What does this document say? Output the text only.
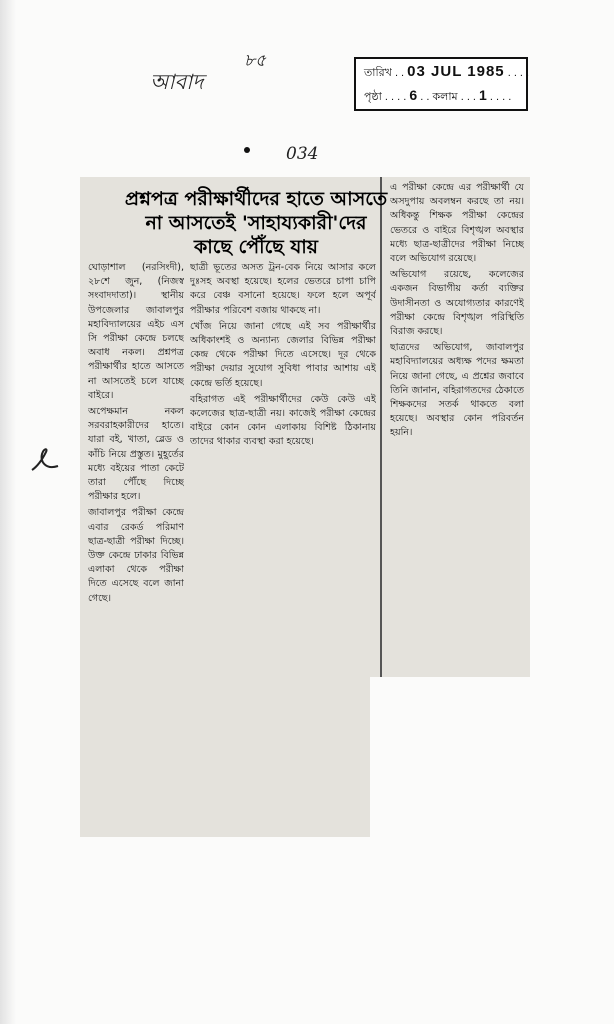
আবাদ
৮৫
তারিখ . . 03 JUL 1985 . . . .
পৃষ্ঠা . . . . 6 . . কলাম . . . 1 . . . .
034
প্রশ্নপত্র পরীক্ষার্থীদের হাতে আসতে
না আসতেই 'সাহায্যকারী'দের
কাছে পৌঁছে যায়

ঘোড়াশাল (নরসিংদী), ২৮শে জুন, (নিজস্ব সংবাদদাতা)। স্থানীয় উপজেলার জাবালপুর মহাবিদ্যালয়ের এইচ এস সি পরীক্ষা কেন্দ্রে চলছে অবাধ নকল। প্রশ্নপত্র পরীক্ষার্থীর হাতে আসতে না আসতেই চলে যাচ্ছে বাইরে।

অপেক্ষমান নকল সরবরাহকারীদের হাতে। যারা বই, খাতা, ব্লেড ও কাঁচি নিয়ে প্রস্তুত। মুহূর্তের মধ্যে বইয়ের পাতা কেটে তারা পৌঁছে দিচ্ছে পরীক্ষার হলে।

জাবালপুর পরীক্ষা কেন্দ্রে এবার রেকর্ড পরিমাণ ছাত্র-ছাত্রী পরীক্ষা দিচ্ছে। উক্ত কেন্দ্রে ঢাকার বিভিন্ন এলাকা থেকে পরীক্ষা দিতে এসেছে বলে জানা গেছে।

ছাত্রী ভূতের অসত ট্রন-বেক নিয়ে আসার কলে দুঃসহ অবস্থা হয়েছে। হলের ভেতরে চাপা চাপি করে বেঞ্চ বসানো হয়েছে। ফলে হলে অপূর্ব পরীক্ষার পরিবেশ বজায় থাকছে না।

খোঁজ নিয়ে জানা গেছে এই সব পরীক্ষার্থীর অধিকাংশই ও অন্যান্য জেলার বিভিন্ন পরীক্ষা কেন্দ্র থেকে পরীক্ষা দিতে এসেছে। দূর থেকে পরীক্ষা দেয়ার সুযোগ সুবিধা পাবার আশায় এই কেন্দ্রে ভর্তি হয়েছে।

বহিরাগত এই পরীক্ষার্থীদের কেউ কেউ এই কলেজের ছাত্র-ছাত্রী নয়। কাজেই পরীক্ষা কেন্দ্রের বাইরে কোন কোন এলাকায় বিশিষ্ট ঠিকানায় তাদের থাকার ব্যবস্থা করা হয়েছে।

এ পরীক্ষা কেন্দ্রে এর পরীক্ষার্থী যে অসদুপায় অবলম্বন করছে তা নয়। অধিকন্তু শিক্ষক পরীক্ষা কেন্দ্রের ভেতরে ও বাইরে বিশৃঙ্খল অবস্থার মধ্যে ছাত্র-ছাত্রীদের পরীক্ষা নিচ্ছে বলে অভিযোগ রয়েছে।

অভিযোগ রয়েছে, কলেজের একজন বিভাগীয় কর্তা ব্যক্তির উদাসীনতা ও অযোগ্যতার কারণেই পরীক্ষা কেন্দ্রে বিশৃঙ্খল পরিস্থিতি বিরাজ করছে।

ছাত্রদের অভিযোগ, জাবালপুর মহাবিদ্যালয়ের অধ্যক্ষ পদের ক্ষমতা নিয়ে জানা গেছে, এ প্রশ্নের জবাবে তিনি জানান, বহিরাগতদের ঠেকাতে শিক্ষকদের সতর্ক থাকতে বলা হয়েছে। অবস্থার কোন পরিবর্তন হয়নি।
